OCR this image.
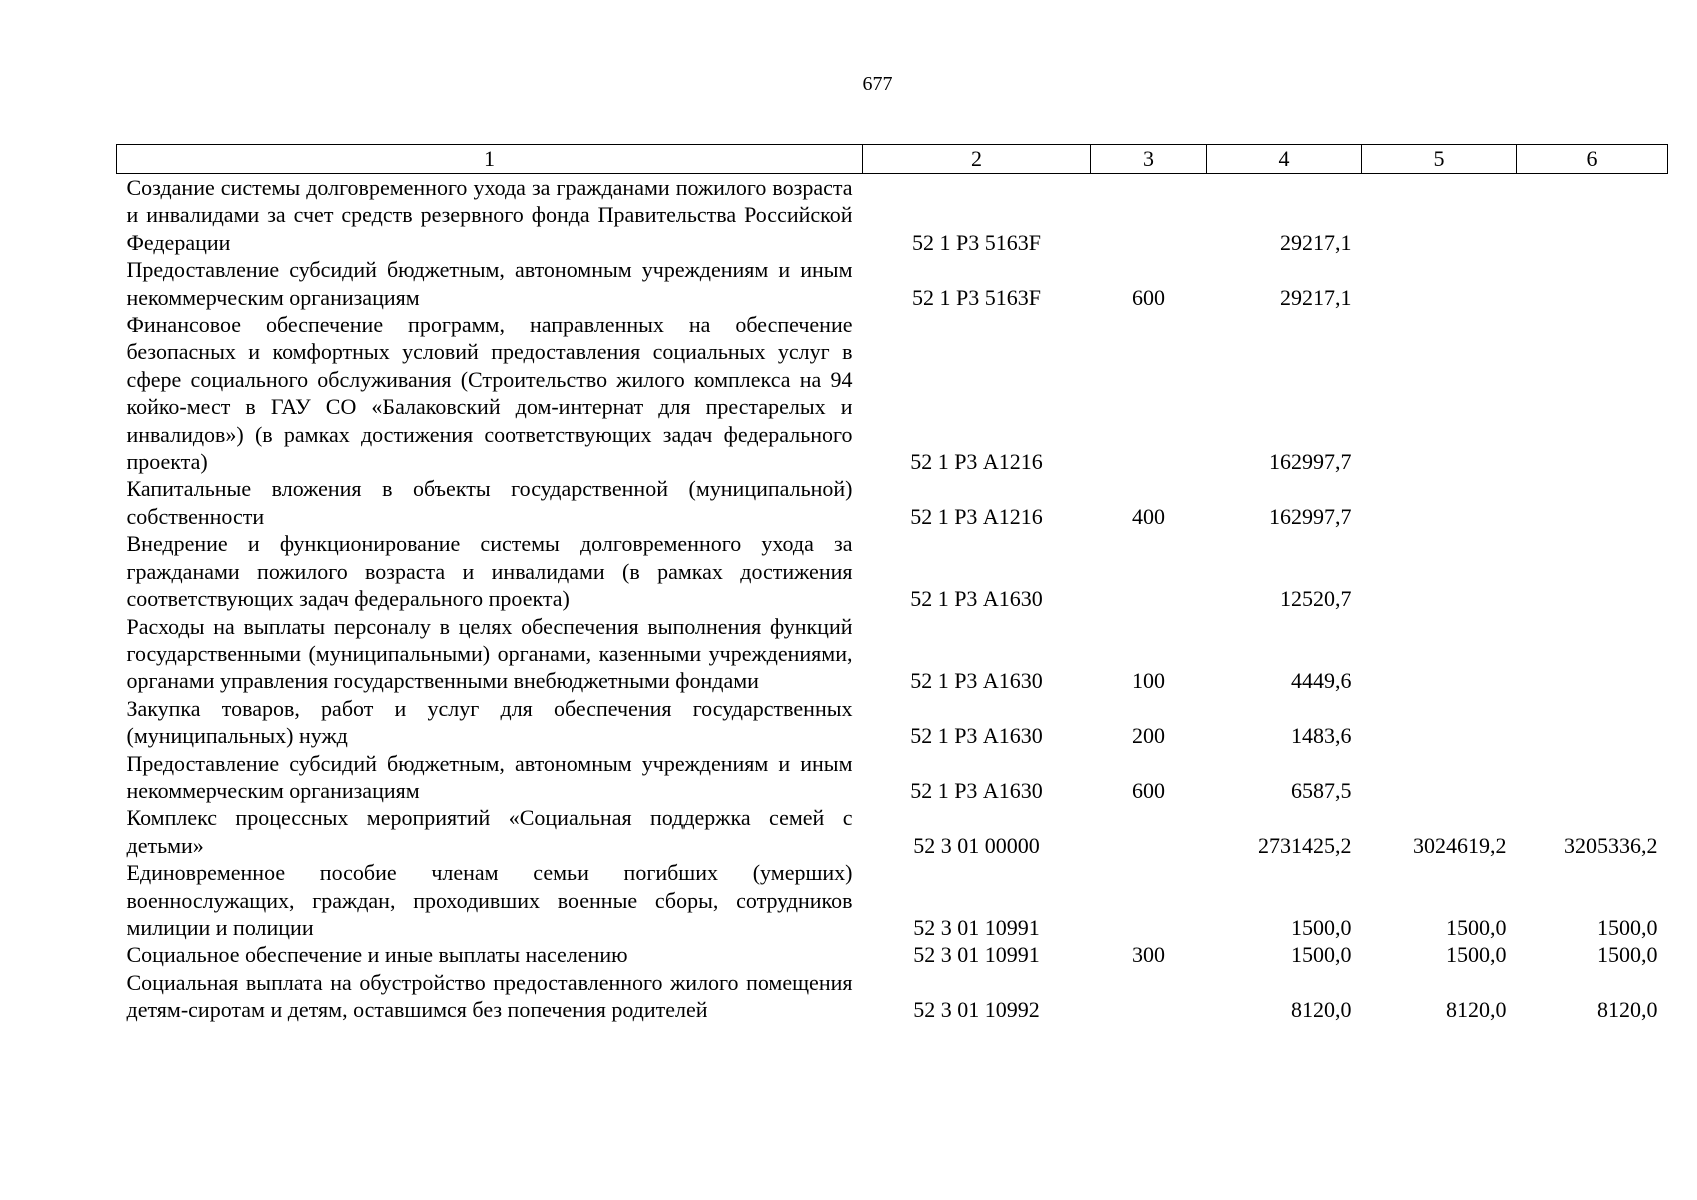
677
1	2	3	4	5	6
Создание системы долговременного ухода за гражданами пожилого возраста и инвалидами за счет средств резервного фонда Правительства Российской Федерации	52 1 Р3 5163F		29217,1		
Предоставление субсидий бюджетным, автономным учреждениям и иным некоммерческим организациям	52 1 Р3 5163F	600	29217,1		
Финансовое обеспечение программ, направленных на обеспечение безопасных и комфортных условий предоставления социальных услуг в сфере социального обслуживания (Строительство жилого комплекса на 94 койко-мест в ГАУ СО «Балаковский дом-интернат для престарелых и инвалидов») (в рамках достижения соответствующих задач федерального проекта)	52 1 Р3 А1216		162997,7		
Капитальные вложения в объекты государственной (муниципальной) собственности	52 1 Р3 А1216	400	162997,7		
Внедрение и функционирование системы долговременного ухода за гражданами пожилого возраста и инвалидами (в рамках достижения соответствующих задач федерального проекта)	52 1 Р3 А1630		12520,7		
Расходы на выплаты персоналу в целях обеспечения выполнения функций государственными (муниципальными) органами, казенными учреждениями, органами управления государственными внебюджетными фондами	52 1 Р3 А1630	100	4449,6		
Закупка товаров, работ и услуг для обеспечения государственных (муниципальных) нужд	52 1 Р3 А1630	200	1483,6		
Предоставление субсидий бюджетным, автономным учреждениям и иным некоммерческим организациям	52 1 Р3 А1630	600	6587,5		
Комплекс процессных мероприятий «Социальная поддержка семей с детьми»	52 3 01 00000		2731425,2	3024619,2	3205336,2
Единовременное пособие членам семьи погибших (умерших) военнослужащих, граждан, проходивших военные сборы, сотрудников милиции и полиции	52 3 01 10991		1500,0	1500,0	1500,0
Социальное обеспечение и иные выплаты населению	52 3 01 10991	300	1500,0	1500,0	1500,0
Социальная выплата на обустройство предоставленного жилого помещения детям-сиротам и детям, оставшимся без попечения родителей	52 3 01 10992		8120,0	8120,0	8120,0
